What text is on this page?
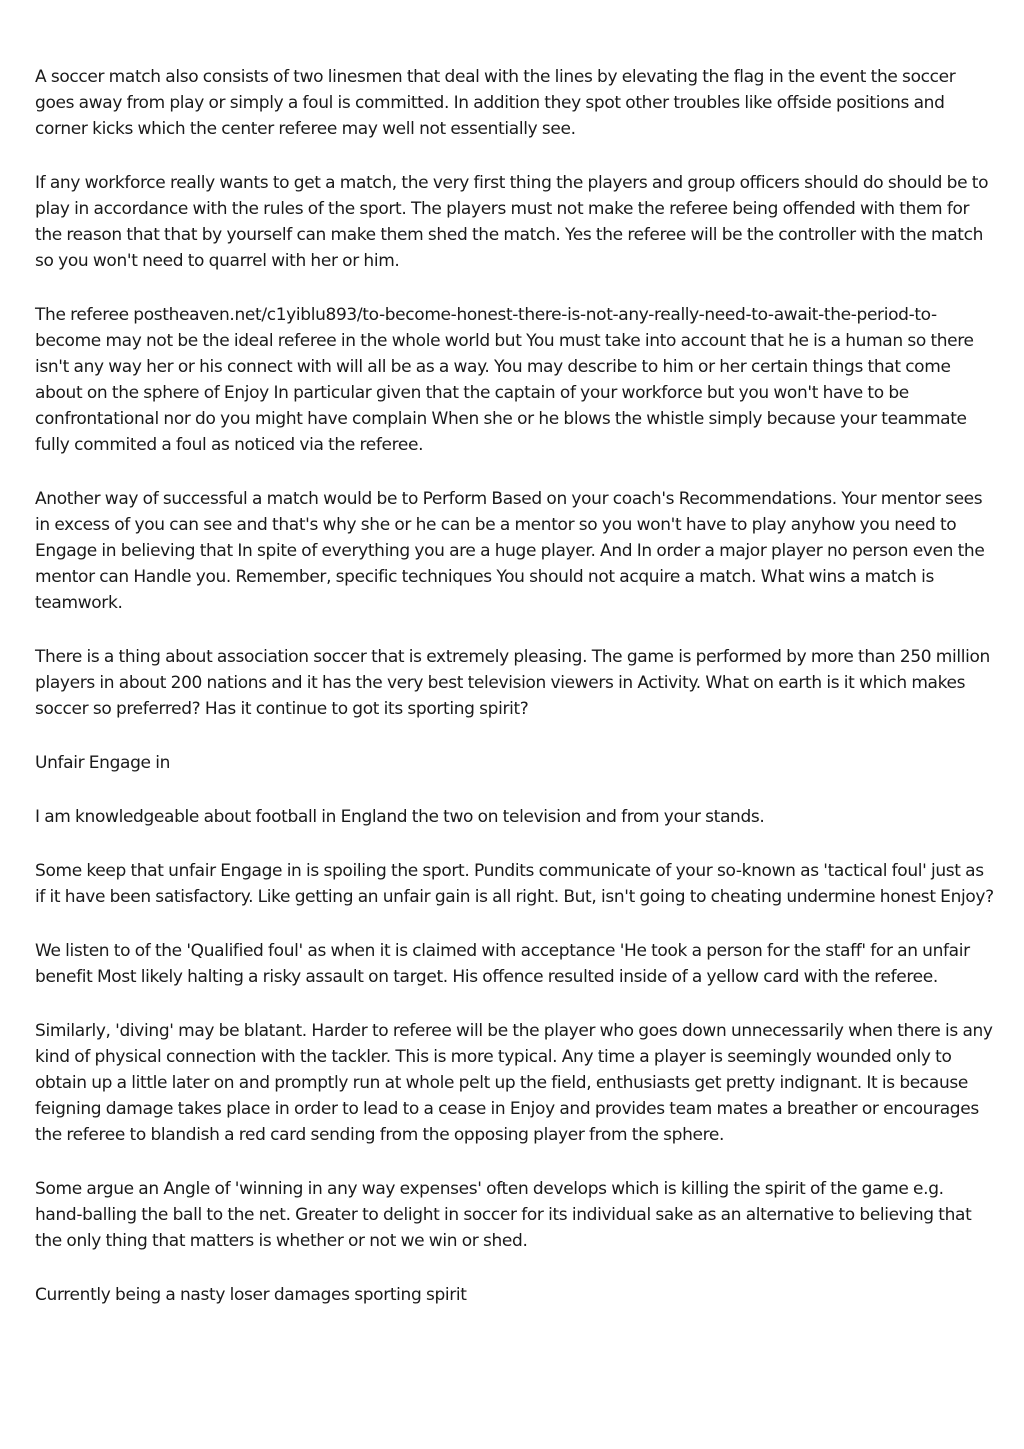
A soccer match also consists of two linesmen that deal with the lines by elevating the flag in the event the soccer goes away from play or simply a foul is committed. In addition they spot other troubles like offside positions and corner kicks which the center referee may well not essentially see.

If any workforce really wants to get a match, the very first thing the players and group officers should do should be to play in accordance with the rules of the sport. The players must not make the referee being offended with them for the reason that that by yourself can make them shed the match. Yes the referee will be the controller with the match so you won't need to quarrel with her or him.

The referee postheaven.net/c1yiblu893/to-become-honest-there-is-not-any-really-need-to-await-the-period-to-become may not be the ideal referee in the whole world but You must take into account that he is a human so there isn't any way her or his connect with will all be as a way. You may describe to him or her certain things that come about on the sphere of Enjoy In particular given that the captain of your workforce but you won't have to be confrontational nor do you might have complain When she or he blows the whistle simply because your teammate fully commited a foul as noticed via the referee.

Another way of successful a match would be to Perform Based on your coach's Recommendations. Your mentor sees in excess of you can see and that's why she or he can be a mentor so you won't have to play anyhow you need to Engage in believing that In spite of everything you are a huge player. And In order a major player no person even the mentor can Handle you. Remember, specific techniques You should not acquire a match. What wins a match is teamwork.

There is a thing about association soccer that is extremely pleasing. The game is performed by more than 250 million players in about 200 nations and it has the very best television viewers in Activity. What on earth is it which makes soccer so preferred? Has it continue to got its sporting spirit?

Unfair Engage in

I am knowledgeable about football in England the two on television and from your stands.

Some keep that unfair Engage in is spoiling the sport. Pundits communicate of your so-known as 'tactical foul' just as if it have been satisfactory. Like getting an unfair gain is all right. But, isn't going to cheating undermine honest Enjoy?

We listen to of the 'Qualified foul' as when it is claimed with acceptance 'He took a person for the staff' for an unfair benefit Most likely halting a risky assault on target. His offence resulted inside of a yellow card with the referee.

Similarly, 'diving' may be blatant. Harder to referee will be the player who goes down unnecessarily when there is any kind of physical connection with the tackler. This is more typical. Any time a player is seemingly wounded only to obtain up a little later on and promptly run at whole pelt up the field, enthusiasts get pretty indignant. It is because feigning damage takes place in order to lead to a cease in Enjoy and provides team mates a breather or encourages the referee to blandish a red card sending from the opposing player from the sphere.

Some argue an Angle of 'winning in any way expenses' often develops which is killing the spirit of the game e.g. hand-balling the ball to the net. Greater to delight in soccer for its individual sake as an alternative to believing that the only thing that matters is whether or not we win or shed.

Currently being a nasty loser damages sporting spirit
